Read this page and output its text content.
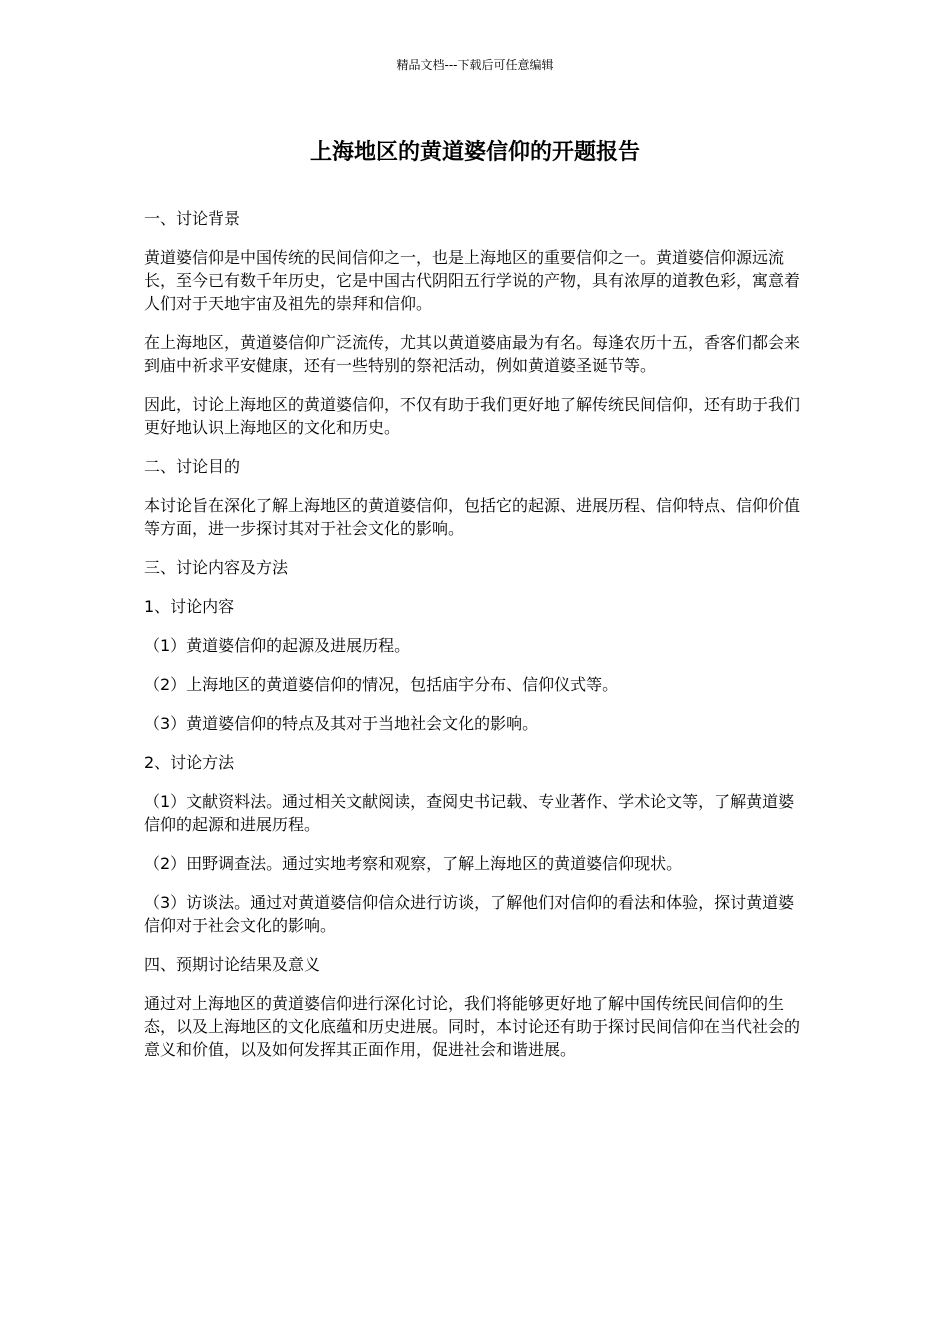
精品文档---下载后可任意编辑
上海地区的黄道婆信仰的开题报告

一、讨论背景

黄道婆信仰是中国传统的民间信仰之一，也是上海地区的重要信仰之一。黄道婆信仰源远流长，至今已有数千年历史，它是中国古代阴阳五行学说的产物，具有浓厚的道教色彩，寓意着人们对于天地宇宙及祖先的崇拜和信仰。

在上海地区，黄道婆信仰广泛流传，尤其以黄道婆庙最为有名。每逢农历十五，香客们都会来到庙中祈求平安健康，还有一些特别的祭祀活动，例如黄道婆圣诞节等。

因此，讨论上海地区的黄道婆信仰，不仅有助于我们更好地了解传统民间信仰，还有助于我们更好地认识上海地区的文化和历史。

二、讨论目的

本讨论旨在深化了解上海地区的黄道婆信仰，包括它的起源、进展历程、信仰特点、信仰价值等方面，进一步探讨其对于社会文化的影响。

三、讨论内容及方法

1、讨论内容

（1）黄道婆信仰的起源及进展历程。

（2）上海地区的黄道婆信仰的情况，包括庙宇分布、信仰仪式等。

（3）黄道婆信仰的特点及其对于当地社会文化的影响。

2、讨论方法

（1）文献资料法。通过相关文献阅读，查阅史书记载、专业著作、学术论文等，了解黄道婆信仰的起源和进展历程。

（2）田野调查法。通过实地考察和观察，了解上海地区的黄道婆信仰现状。

（3）访谈法。通过对黄道婆信仰信众进行访谈，了解他们对信仰的看法和体验，探讨黄道婆信仰对于社会文化的影响。

四、预期讨论结果及意义

通过对上海地区的黄道婆信仰进行深化讨论，我们将能够更好地了解中国传统民间信仰的生态，以及上海地区的文化底蕴和历史进展。同时，本讨论还有助于探讨民间信仰在当代社会的意义和价值，以及如何发挥其正面作用，促进社会和谐进展。
